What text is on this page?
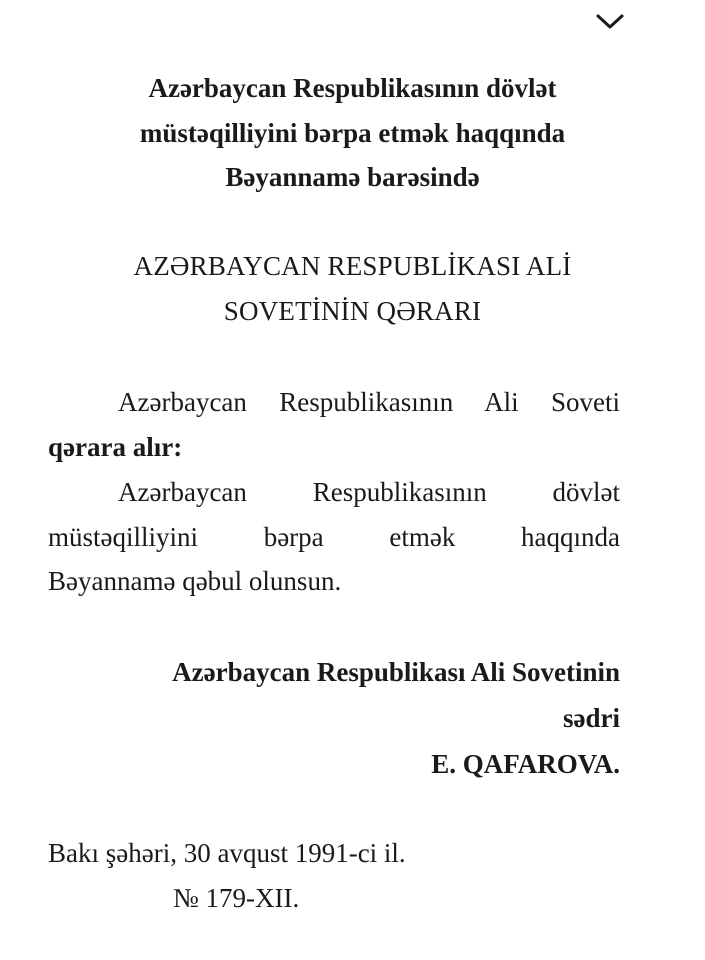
Azərbaycan Respublikasının dövlət
müstəqilliyini bərpa etmək haqqında
Bəyannamə barəsində
AZƏRBAYCAN RESPUBLİKASI ALİ
SOVETİNİN QƏRARI
Azərbaycan Respublikasının Ali Soveti
qərara alır:
Azərbaycan Respublikasının dövlət
müstəqilliyini bərpa etmək haqqında
Bəyannamə qəbul olunsun.
Azərbaycan Respublikası Ali Sovetinin
sədri
E. QAFAROVA.
Bakı şəhəri, 30 avqust 1991-ci il.
№ 179-XII.
